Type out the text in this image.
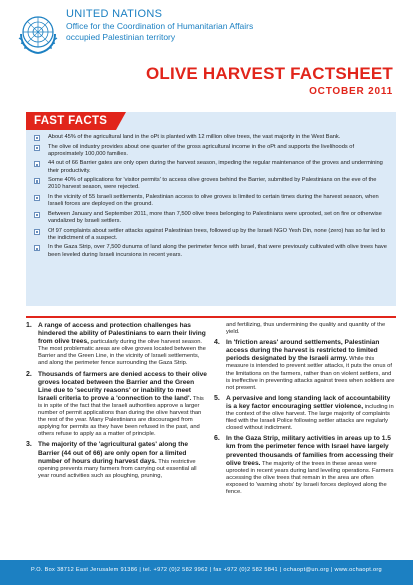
UNITED NATIONS
Office for the Coordination of Humanitarian Affairs
occupied Palestinian territory
OLIVE HARVEST FACTSHEET
OCTOBER 2011
FAST FACTS
About 45% of the agricultural land in the oPt is planted with 12 million olive trees, the vast majority in the West Bank.
The olive oil industry provides about one quarter of the gross agricultural income in the oPt and supports the livelihoods of approximately 100,000 families.
44 out of 66 Barrier gates are only open during the harvest season, impeding the regular maintenance of the groves and undermining their productivity.
Some 40% of applications for 'visitor permits' to access olive groves behind the Barrier, submitted by Palestinians on the eve of the 2010 harvest season, were rejected.
In the vicinity of 55 Israeli settlements, Palestinian access to olive groves is limited to certain times during the harvest season, when Israeli forces are deployed on the ground.
Between January and September 2011, more than 7,500 olive trees belonging to Palestinians were uprooted, set on fire or otherwise vandalized by Israeli settlers.
Of 97 complaints about settler attacks against Palestinian trees, followed up by the Israeli NGO Yesh Din, none (zero) has so far led to the indictment of a suspect.
In the Gaza Strip, over 7,500 dunums of land along the perimeter fence with Israel, that were previously cultivated with olive trees have been leveled during Israeli incursions in recent years.
1. A range of access and protection challenges has hindered the ability of Palestinians to earn their living from olive trees, particularly during the olive harvest season. The most problematic areas are olive groves located between the Barrier and the Green Line, in the vicinity of Israeli settlements, and along the perimeter fence surrounding the Gaza Strip.
2. Thousands of farmers are denied access to their olive groves located between the Barrier and the Green Line due to 'security reasons' or inability to meet Israeli criteria to prove a 'connection to the land'. This is in spite of the fact that the Israeli authorities approve a larger number of permit applications than during the olive harvest than the rest of the year. Many Palestinians are discouraged from applying for permits as they have been refused in the past, and others refuse to apply as a matter of principle.
3. The majority of the 'agricultural gates' along the Barrier (44 out of 66) are only open for a limited number of hours during harvest days. This restrictive opening prevents many farmers from carrying out essential all year round activities such as ploughing, pruning,
and fertilizing, thus undermining the quality and quantity of the yield.
4. In 'friction areas' around settlements, Palestinian access during the harvest is restricted to limited periods designated by the Israeli army. While this measure is intended to prevent settler attacks, it puts the onus of the limitations on the farmers, rather than on violent settlers, and is ineffective in preventing attacks against trees when soldiers are not present.
5. A pervasive and long standing lack of accountability is a key factor encouraging settler violence, including in the context of the olive harvest. The large majority of complaints filed with the Israeli Police following settler attacks are regularly closed without indictment.
6. In the Gaza Strip, military activities in areas up to 1.5 km from the perimeter fence with Israel have largely prevented thousands of families from accessing their olive trees. The majority of the trees in these areas were uprooted in recent years during land leveling operations. Farmers accessing the olive trees that remain in the area are often exposed to 'warning shots' by Israeli forces deployed along the fence.
P.O. Box 38712 East Jerusalem 91386 | tel. +972 (0)2 582 9962 | fax +972 (0)2 582 5841 | ochaopt@un.org | www.ochaopt.org
